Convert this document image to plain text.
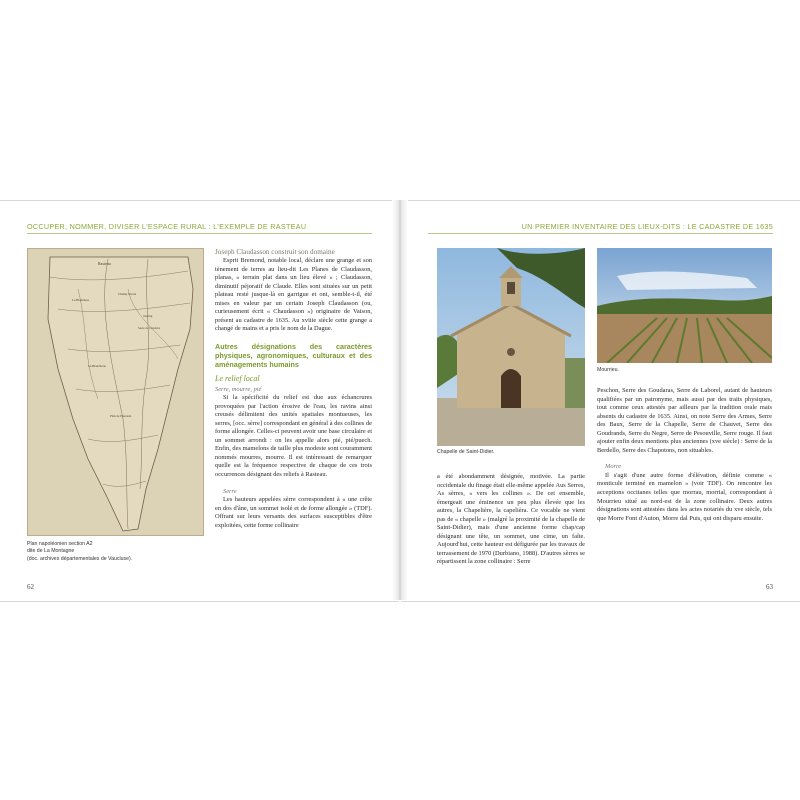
OCCUPER, NOMMER, DIVISER L'ESPACE RURAL : L'EXEMPLE DE RASTEAU
Rasteau
La Blanchere
Champ Tarren
Tarring
Serre de Crusière
La Blancherie
Plan de Plantade
Plan napoléonien section A2
dite de La Montagne
(doc. archives départementales de Vaucluse).

Joseph Claudasson construit son domaine

Esprit Bremond, notable local, déclare une grange et son tènement de terres au lieu-dit Les Planes de Claudasson, planas, « terrain plat dans un lieu élevé » ; Claudasson, diminutif péjoratif de Claude. Elles sont situées sur un petit plateau resté jusque-là en garrigue et ont, semble-t-il, été mises en valeur par un certain Joseph Claudasson (ou, curieusement écrit « Chaudasson ») originaire de Vaison, présent au cadastre de 1635. Au xviiie siècle cette grange a changé de mains et a pris le nom de la Dague.

Autres désignations des caractères physiques, agronomiques, culturaux et des aménagements humains

Le relief local

Serre, mourre, pié

Si la spécificité du relief est due aux échancrures provoquées par l'action érosive de l'eau, les ravins ainsi creusés délimitent des unités spatiales montueuses, les serres, [occ. sèrre] correspondant en général à des collines de forme allongée. Celles-ci peuvent avoir une base circulaire et un sommet arrondi : on les appelle alors pié, pié/puech. Enfin, des mamelons de taille plus modeste sont couramment nommés mourres, mourre. Il est intéressant de remarquer quelle est la fréquence respective de chaque de ces trois occurrences désignant des reliefs à Rasteau.

Serre

Les hauteurs appelées sèrre correspondent à « une crête en dos d'âne, un sommet isolé et de forme allongée » (TDF). Offrant sur leurs versants des surfaces susceptibles d'être exploitées, cette forme collinaire

62
UN PREMIER INVENTAIRE DES LIEUX-DITS : LE CADASTRE DE 1635
Chapelle de Saint-Didier.
Mourrieu.

a été abondamment désignée, motivée. La partie occidentale du finage était elle-même appelée Aus Serres, As sèrres, « vers les collines ». De cet ensemble, émergeait une éminence un peu plus élevée que les autres, la Chapelière, la capelièra. Ce vocable ne vient pas de « chapelle » (malgré la proximité de la chapelle de Saint-Didier), mais d'une ancienne forme chap/cap désignant une tête, un sommet, une cime, un faîte. Aujourd'hui, cette hauteur est défigurée par les travaux de terrassement de 1970 (Durbiano, 1988). D'autres sèrres se répartissent la zone collinaire : Serre

Peschon, Serre des Goudaras, Serre de Laborel, autant de hauteurs qualifiées par un patronyme, mais aussi par des traits physiques, tout comme ceux attestés par ailleurs par la tradition orale mais absents du cadastre de 1635. Ainsi, on note Serre des Armes, Serre des Baux, Serre de la Chapelle, Serre de Chauvet, Serre des Goudrands, Serre du Negre, Serre de Pesouville, Serre rouge. Il faut ajouter enfin deux mentions plus anciennes (xve siècle) : Serre de la Berdello, Serre des Chapotons, non situables.

Morre

Il s'agit d'une autre forme d'élévation, définie comme « monticule terminé en mamelon » (voir TDF). On rencontre les acceptions occitanes telles que morrau, morrial, correspondant à Mourrieu situé au nord-est de la zone collinaire. Deux autres désignations sont attestées dans les actes notariés du xve siècle, tels que Morre Font d'Auton, Morre dal Puis, qui ont disparu ensuite.

63
